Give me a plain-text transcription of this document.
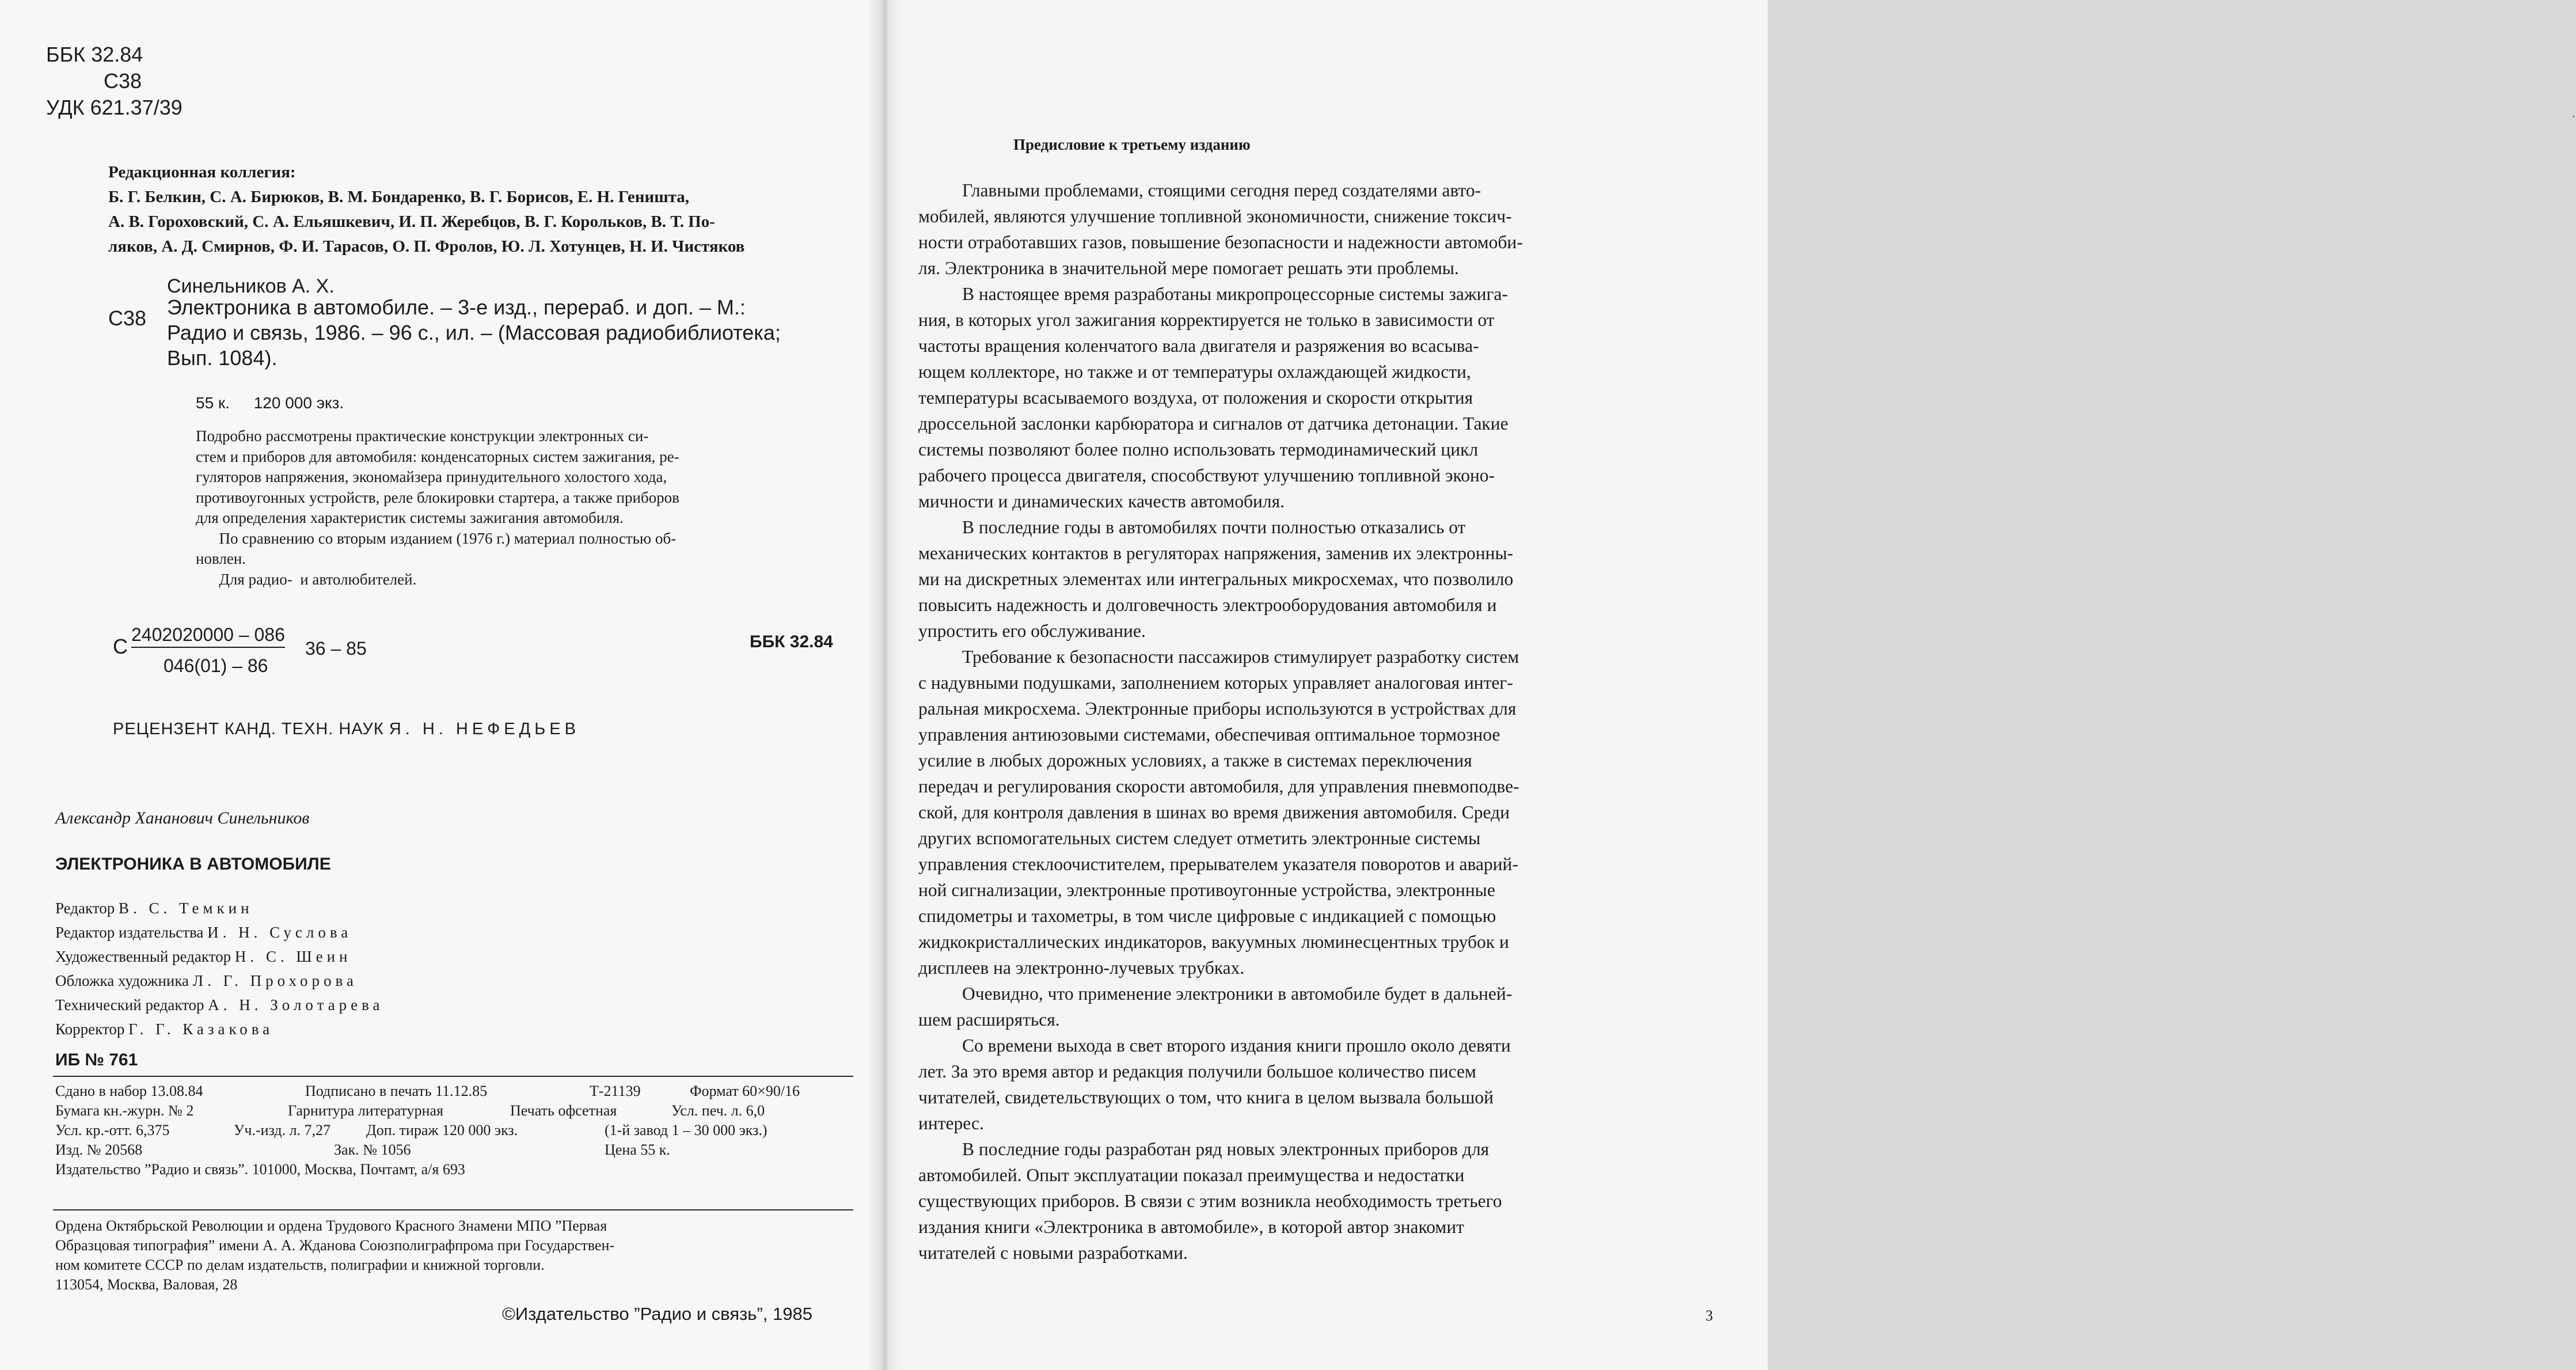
ББК 32.84
С38
УДК 621.37/39
Редакционная коллегия:
Б. Г. Белкин, С. А. Бирюков, В. М. Бондаренко, В. Г. Борисов, Е. Н. Геништа,
А. В. Гороховский, С. А. Ельяшкевич, И. П. Жеребцов, В. Г. Корольков, В. Т. По-
ляков, А. Д. Смирнов, Ф. И. Тарасов, О. П. Фролов, Ю. Л. Хотунцев, Н. И. Чистяков
Синельников А. Х.
С38 Электроника в автомобиле. – 3-е изд., перераб. и доп. – М.:
Радио и связь, 1986. – 96 с., ил. – (Массовая радиобиблиотека;
Вып. 1084).
55 к. 120 000 экз.
Подробно рассмотрены практические конструкции электронных си-
стем и приборов для автомобиля: конденсаторных систем зажигания, ре-
гуляторов напряжения, экономайзера принудительного холостого хода,
противоугонных устройств, реле блокировки стартера, а также приборов
для определения характеристик системы зажигания автомобиля.
По сравнению со вторым изданием (1976 г.) материал полностью об-
новлен.
Для радио-  и автолюбителей.
С 2402020000 – 086
046(01) – 86
36 – 85	ББК 32.84
РЕЦЕНЗЕНТ КАНД. ТЕХН. НАУК Я. Н. НЕФЕДЬЕВ
Александр Ханaнович Синельников
ЭЛЕКТРОНИКА В АВТОМОБИЛЕ
Редактор В. С. Темкин
Редактор издательства И. Н. Суслова
Художественный редактор Н. С. Шеин
Обложка художника Л. Г. Прохорова
Технический редактор А. Н. Золотарева
Корректор Г. Г. Казакова
ИБ № 761
Сдано в набор 13.08.84	Подписано в печать 11.12.85	Т-21139	Формат 60×90/16
Бумага кн.-журн. № 2	Гарнитура литературная	Печать офсетная	Усл. печ. л. 6,0
Усл. кр.-отт. 6,375	Уч.-изд. л. 7,27 Доп. тираж 120 000 экз.	(1-й завод 1 – 30 000 экз.)
Изд. № 20568	Зак. № 1056	Цена 55 к.
Издательство ”Радио и связь”. 101000, Москва, Почтамт, а/я 693
Ордена Октябрьской Революции и ордена Трудового Красного Знамени МПО ”Первая
Образцовая типография” имени А. А. Жданова Союзполиграфпрома при Государствен-
ном комитете СССР по делам издательств, полиграфии и книжной торговли.
113054, Москва, Валовая, 28
©Издательство ”Радио и связь”, 1985
·
Предисловие к третьему изданию
Главными проблемами, стоящими сегодня перед создателями авто-
мобилей, являются улучшение топливной экономичности, снижение токсич-
ности отработавших газов, повышение безопасности и надежности автомоби-
ля. Электроника в значительной мере помогает решать эти проблемы.
В настоящее время разработаны микропроцессорные системы зажига-
ния, в которых угол зажигания корректируется не только в зависимости от
частоты вращения коленчатого вала двигателя и разряжения во всасыва-
ющем коллекторе, но также и от температуры охлаждающей жидкости,
температуры всасываемого воздуха, от положения и скорости открытия
дроссельной заслонки карбюратора и сигналов от датчика детонации. Такие
системы позволяют более полно использовать термодинамический цикл
рабочего процесса двигателя, способствуют улучшению топливной эконо-
мичности и динамических качеств автомобиля.
В последние годы в автомобилях почти полностью отказались от
механических контактов в регуляторах напряжения, заменив их электронны-
ми на дискретных элементах или интегральных микросхемах, что позволило
повысить надежность и долговечность электрооборудования автомобиля и
упростить его обслуживание.
Требование к безопасности пассажиров стимулирует разработку систем
с надувными подушками, заполнением которых управляет аналоговая интег-
ральная микросхема. Электронные приборы используются в устройствах для
управления антиюзовыми системами, обеспечивая оптимальное тормозное
усилие в любых дорожных условиях, а также в системах переключения
передач и регулирования скорости автомобиля, для управления пневмоподве-
ской, для контроля давления в шинах во время движения автомобиля. Среди
других вспомогательных систем следует отметить электронные системы
управления стеклоочистителем, прерывателем указателя поворотов и аварий-
ной сигнализации, электронные противоугонные устройства, электронные
спидометры и тахометры, в том числе цифровые с индикацией с помощью
жидкокристаллических индикаторов, вакуумных люминесцентных трубок и
дисплеев на электронно-лучевых трубках.
Очевидно, что применение электроники в автомобиле будет в дальней-
шем расширяться.
Со времени выхода в свет второго издания книги прошло около девяти
лет. За это время автор и редакция получили большое количество писем
читателей, свидетельствующих о том, что книга в целом вызвала большой
интерес.
В последние годы разработан ряд новых электронных приборов для
автомобилей. Опыт эксплуатации показал преимущества и недостатки
существующих приборов. В связи с этим возникла необходимость третьего
издания книги «Электроника в автомобиле», в которой автор знакомит
читателей с новыми разработками.
3
